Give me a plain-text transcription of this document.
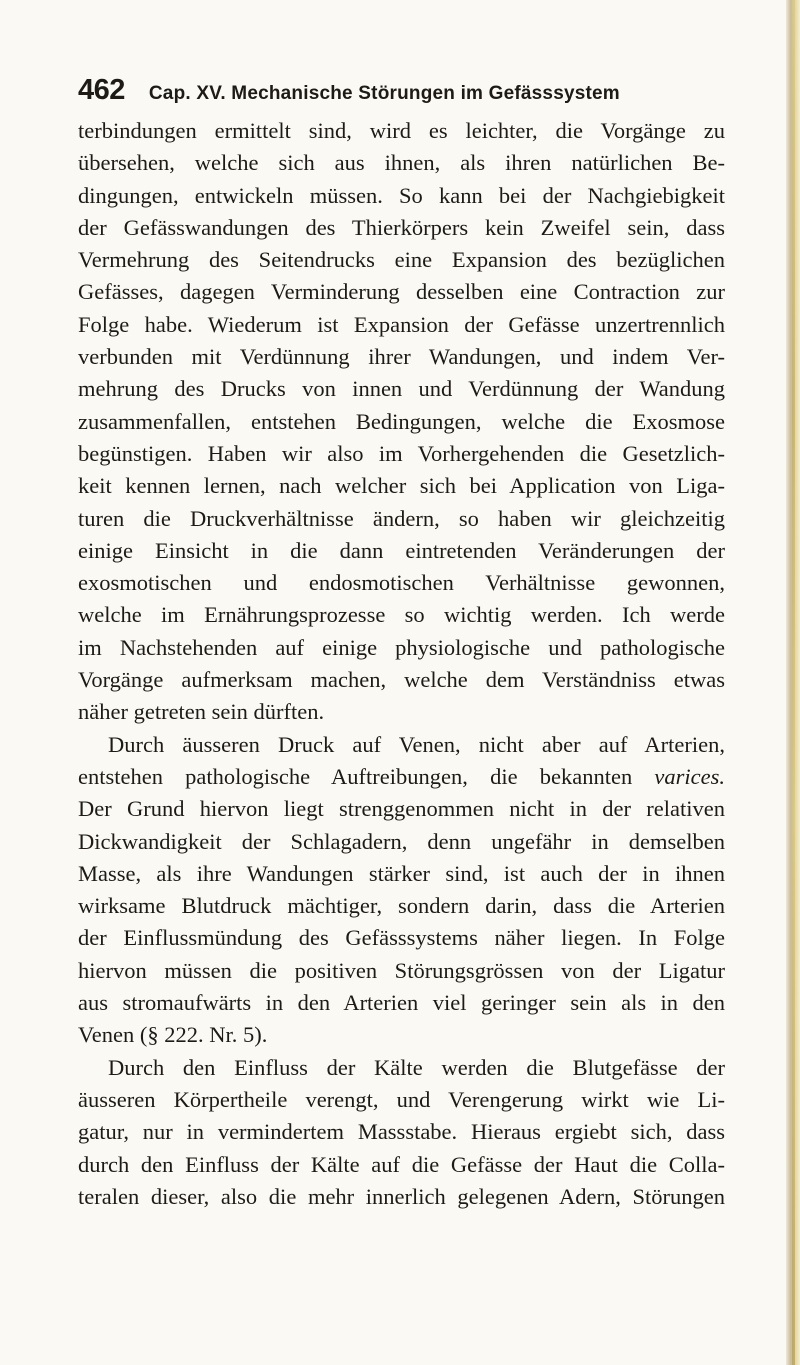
462 Cap. XV. Mechanische Störungen im Gefässsystem
terbindungen ermittelt sind, wird es leichter, die Vorgänge zu
übersehen, welche sich aus ihnen, als ihren natürlichen Be-
dingungen, entwickeln müssen. So kann bei der Nachgiebigkeit
der Gefässwandungen des Thierkörpers kein Zweifel sein, dass
Vermehrung des Seitendrucks eine Expansion des bezüglichen
Gefässes, dagegen Verminderung desselben eine Contraction zur
Folge habe. Wiederum ist Expansion der Gefässe unzertrennlich
verbunden mit Verdünnung ihrer Wandungen, und indem Ver-
mehrung des Drucks von innen und Verdünnung der Wandung
zusammenfallen, entstehen Bedingungen, welche die Exosmose
begünstigen. Haben wir also im Vorhergehenden die Gesetzlich-
keit kennen lernen, nach welcher sich bei Application von Liga-
turen die Druckverhältnisse ändern, so haben wir gleichzeitig
einige Einsicht in die dann eintretenden Veränderungen der
exosmotischen und endosmotischen Verhältnisse gewonnen,
welche im Ernährungsprozesse so wichtig werden. Ich werde
im Nachstehenden auf einige physiologische und pathologische
Vorgänge aufmerksam machen, welche dem Verständniss etwas
näher getreten sein dürften.
Durch äusseren Druck auf Venen, nicht aber auf Arterien,
entstehen pathologische Auftreibungen, die bekannten varices.
Der Grund hiervon liegt strenggenommen nicht in der relativen
Dickwandigkeit der Schlagadern, denn ungefähr in demselben
Masse, als ihre Wandungen stärker sind, ist auch der in ihnen
wirksame Blutdruck mächtiger, sondern darin, dass die Arterien
der Einflussmündung des Gefässsystems näher liegen. In Folge
hiervon müssen die positiven Störungsgrössen von der Ligatur
aus stromaufwärts in den Arterien viel geringer sein als in den
Venen (§ 222. Nr. 5).
Durch den Einfluss der Kälte werden die Blutgefässe der
äusseren Körpertheile verengt, und Verengerung wirkt wie Li-
gatur, nur in vermindertem Massstabe. Hieraus ergiebt sich, dass
durch den Einfluss der Kälte auf die Gefässe der Haut die Colla-
teralen dieser, also die mehr innerlich gelegenen Adern, Störungen
